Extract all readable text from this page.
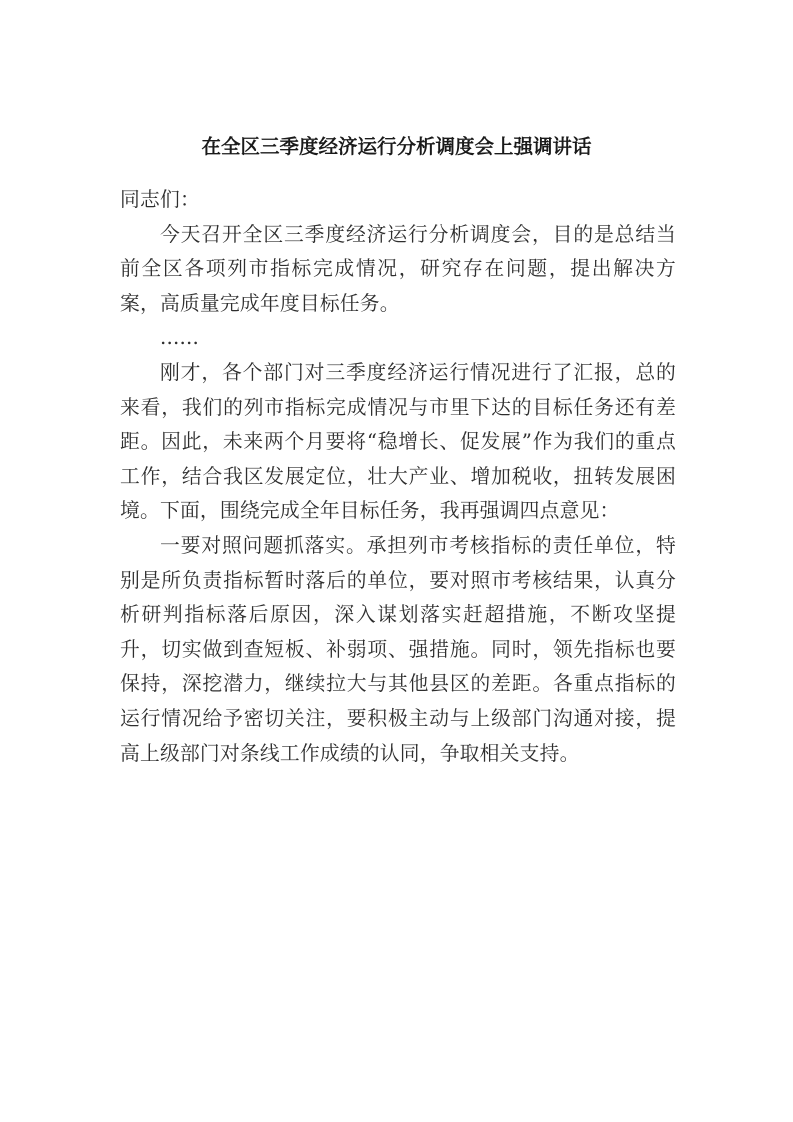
在全区三季度经济运行分析调度会上强调讲话

同志们：

今天召开全区三季度经济运行分析调度会，目的是总结当前全区各项列市指标完成情况，研究存在问题，提出解决方案，高质量完成年度目标任务。

......

刚才，各个部门对三季度经济运行情况进行了汇报，总的来看，我们的列市指标完成情况与市里下达的目标任务还有差距。因此，未来两个月要将“稳增长、促发展”作为我们的重点工作，结合我区发展定位，壮大产业、增加税收，扭转发展困境。下面，围绕完成全年目标任务，我再强调四点意见：

一要对照问题抓落实。承担列市考核指标的责任单位，特别是所负责指标暂时落后的单位，要对照市考核结果，认真分析研判指标落后原因，深入谋划落实赶超措施，不断攻坚提升，切实做到查短板、补弱项、强措施。同时，领先指标也要保持，深挖潜力，继续拉大与其他县区的差距。各重点指标的运行情况给予密切关注，要积极主动与上级部门沟通对接，提高上级部门对条线工作成绩的认同，争取相关支持。
